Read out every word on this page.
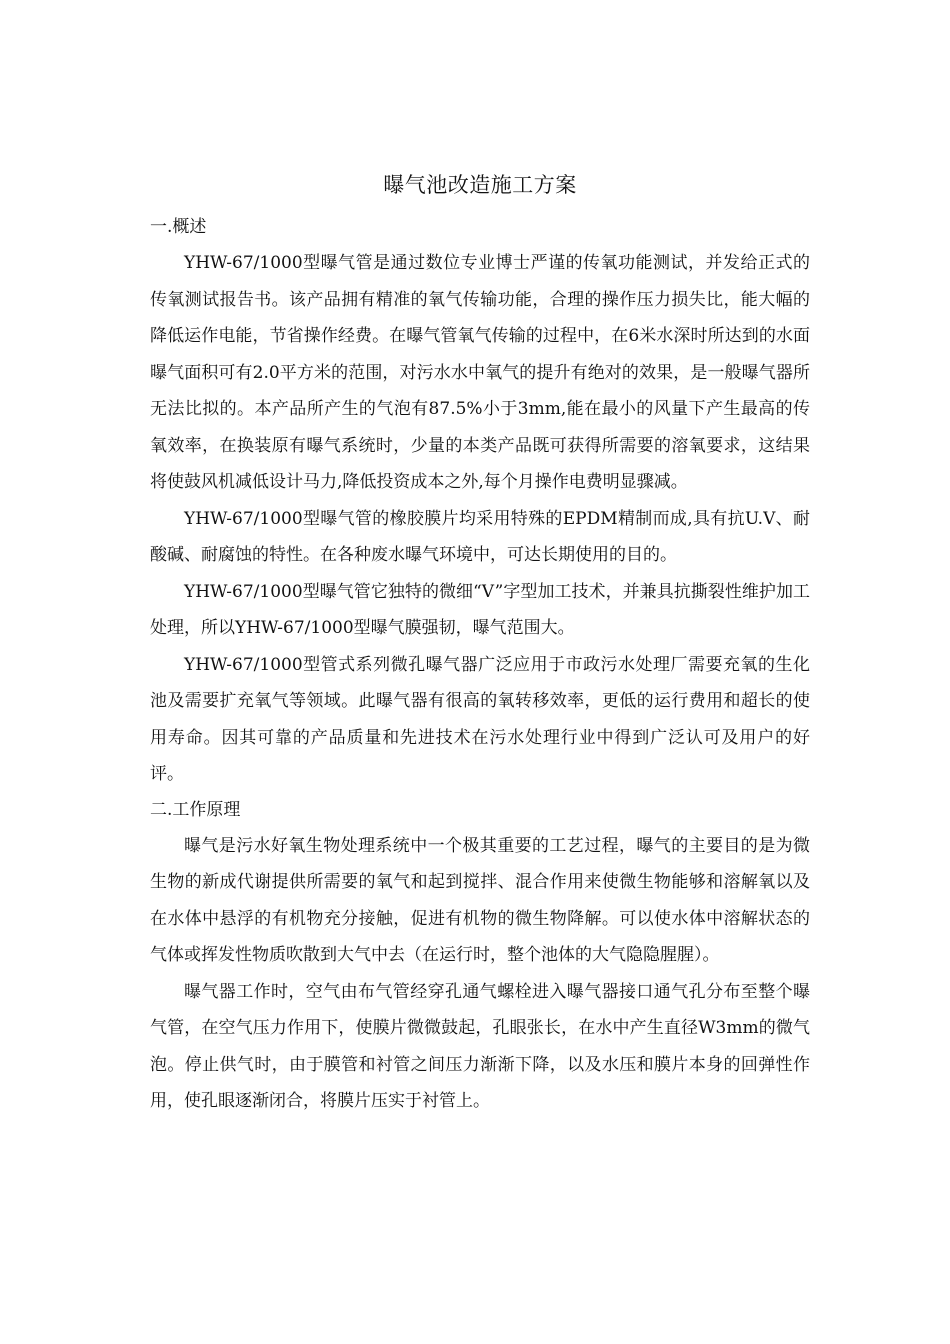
曝气池改造施工方案

一.概述

YHW-67/1000型曝气管是通过数位专业博士严谨的传氧功能测试，并发给正式的传氧测试报告书。该产品拥有精准的氧气传输功能，合理的操作压力损失比，能大幅的降低运作电能，节省操作经费。在曝气管氧气传输的过程中，在6米水深时所达到的水面曝气面积可有2.0平方米的范围，对污水水中氧气的提升有绝对的效果，是一般曝气器所无法比拟的。本产品所产生的气泡有87.5%小于3mm,能在最小的风量下产生最高的传氧效率，在换装原有曝气系统时，少量的本类产品既可获得所需要的溶氧要求，这结果将使鼓风机减低设计马力,降低投资成本之外,每个月操作电费明显骤减。

YHW-67/1000型曝气管的橡胶膜片均采用特殊的EPDM精制而成,具有抗U.V、耐酸碱、耐腐蚀的特性。在各种废水曝气环境中，可达长期使用的目的。

YHW-67/1000型曝气管它独特的微细“V”字型加工技术，并兼具抗撕裂性维护加工处理，所以YHW-67/1000型曝气膜强韧，曝气范围大。

YHW-67/1000型管式系列微孔曝气器广泛应用于市政污水处理厂需要充氧的生化池及需要扩充氧气等领域。此曝气器有很高的氧转移效率，更低的运行费用和超长的使用寿命。因其可靠的产品质量和先进技术在污水处理行业中得到广泛认可及用户的好评。

二.工作原理

曝气是污水好氧生物处理系统中一个极其重要的工艺过程，曝气的主要目的是为微生物的新成代谢提供所需要的氧气和起到搅拌、混合作用来使微生物能够和溶解氧以及在水体中悬浮的有机物充分接触，促进有机物的微生物降解。可以使水体中溶解状态的气体或挥发性物质吹散到大气中去（在运行时，整个池体的大气隐隐腥腥）。

曝气器工作时，空气由布气管经穿孔通气螺栓进入曝气器接口通气孔分布至整个曝气管，在空气压力作用下，使膜片微微鼓起，孔眼张长，在水中产生直径W3mm的微气泡。停止供气时，由于膜管和衬管之间压力渐渐下降，以及水压和膜片本身的回弹性作用，使孔眼逐渐闭合，将膜片压实于衬管上。
